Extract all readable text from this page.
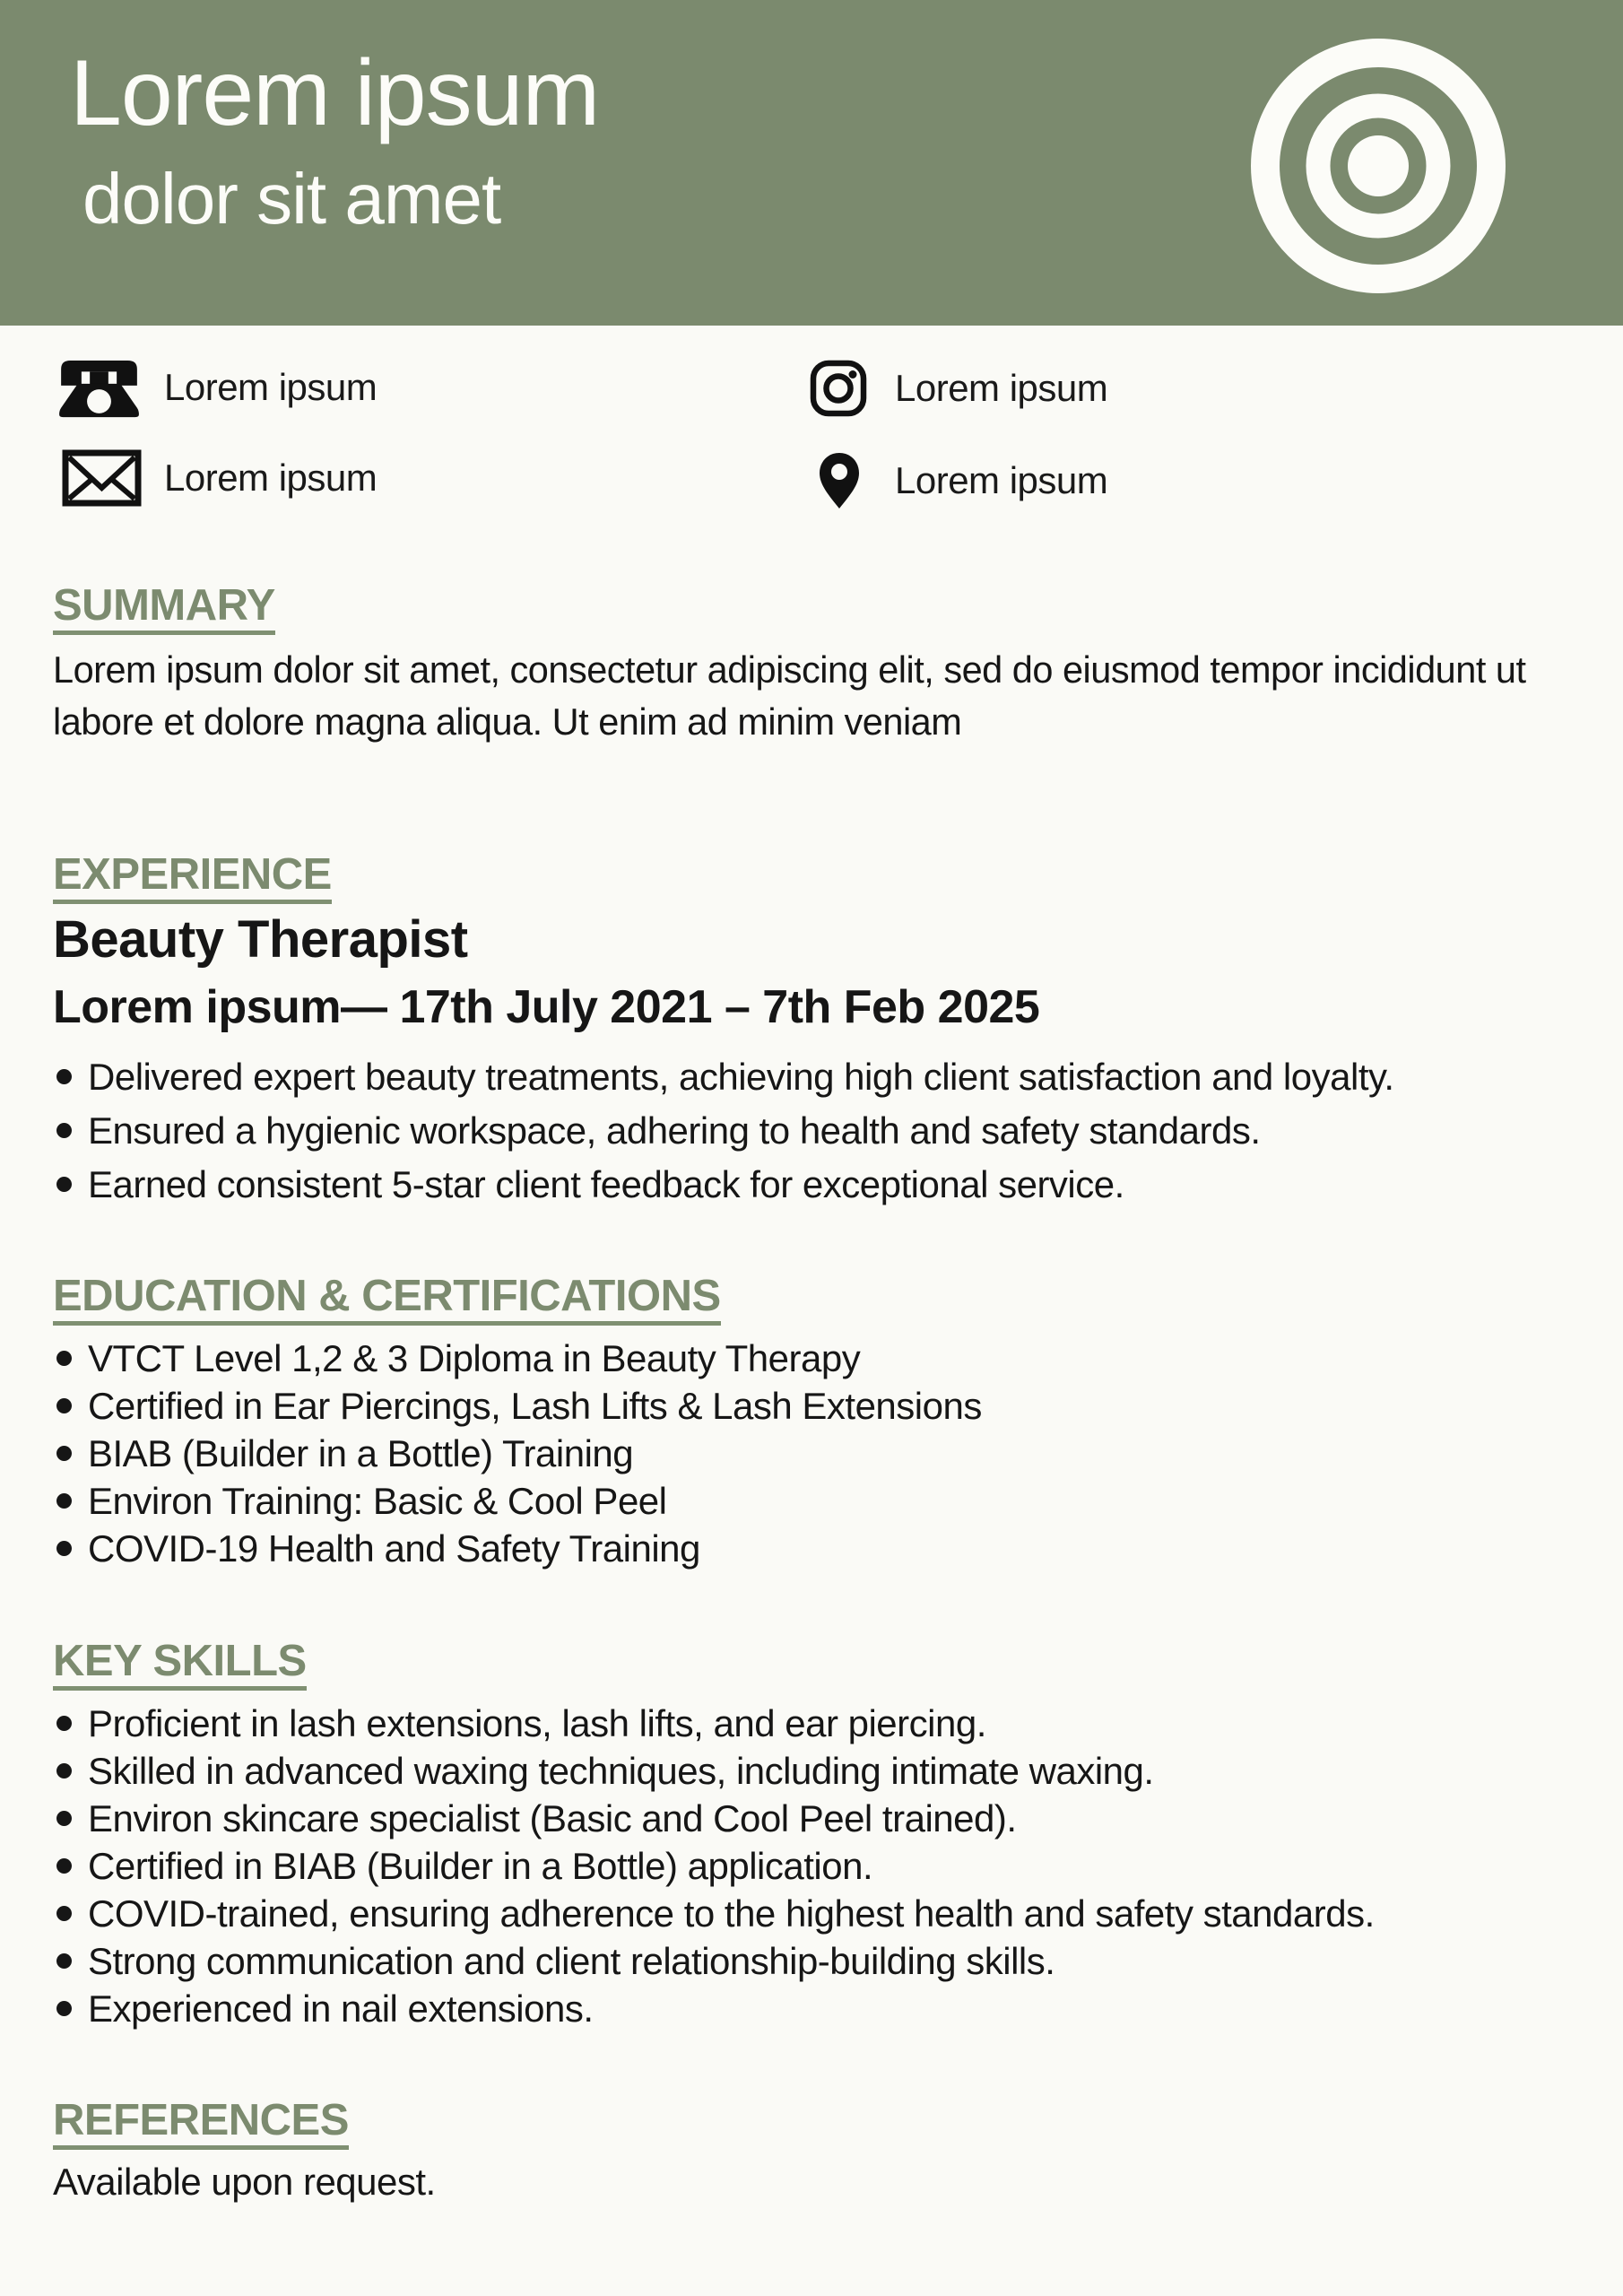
Lorem ipsum
dolor sit amet
Lorem ipsum	Lorem ipsum
Lorem ipsum	Lorem ipsum
SUMMARY

Lorem ipsum dolor sit amet, consectetur adipiscing elit, sed do eiusmod tempor incididunt ut labore et dolore magna aliqua. Ut enim ad minim veniam

EXPERIENCE
Beauty Therapist
Lorem ipsum— 17th July 2021 – 7th Feb 2025
Delivered expert beauty treatments, achieving high client satisfaction and loyalty.
Ensured a hygienic workspace, adhering to health and safety standards.
Earned consistent 5-star client feedback for exceptional service.
EDUCATION & CERTIFICATIONS
VTCT Level 1,2 & 3 Diploma in Beauty Therapy
Certified in Ear Piercings, Lash Lifts & Lash Extensions
BIAB (Builder in a Bottle) Training
Environ Training: Basic & Cool Peel
COVID-19 Health and Safety Training
KEY SKILLS
Proficient in lash extensions, lash lifts, and ear piercing.
Skilled in advanced waxing techniques, including intimate waxing.
Environ skincare specialist (Basic and Cool Peel trained).
Certified in BIAB (Builder in a Bottle) application.
COVID-trained, ensuring adherence to the highest health and safety standards.
Strong communication and client relationship-building skills.
Experienced in nail extensions.
REFERENCES

Available upon request.
